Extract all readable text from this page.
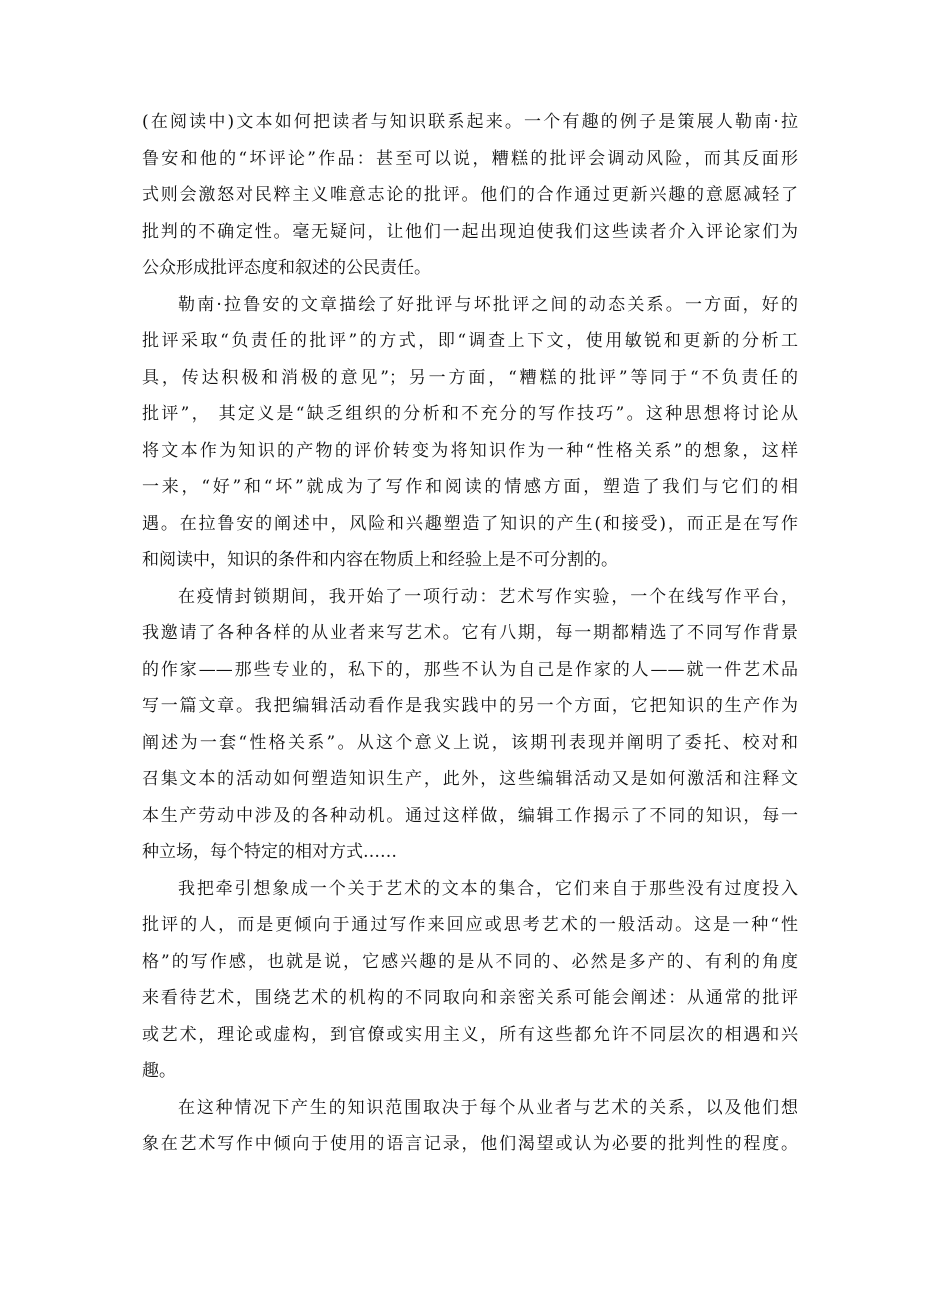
(在阅读中)文本如何把读者与知识联系起来。一个有趣的例子是策展人勒南·拉
鲁安和他的“坏评论”作品：甚至可以说，糟糕的批评会调动风险，而其反面形
式则会激怒对民粹主义唯意志论的批评。他们的合作通过更新兴趣的意愿减轻了
批判的不确定性。毫无疑问，让他们一起出现迫使我们这些读者介入评论家们为
公众形成批评态度和叙述的公民责任。
勒南·拉鲁安的文章描绘了好批评与坏批评之间的动态关系。一方面，好的
批评采取“负责任的批评”的方式，即“调查上下文，使用敏锐和更新的分析工
具，传达积极和消极的意见”；另一方面，“糟糕的批评”等同于“不负责任的
批评”， 其定义是“缺乏组织的分析和不充分的写作技巧”。这种思想将讨论从
将文本作为知识的产物的评价转变为将知识作为一种“性格关系”的想象，这样
一来，“好”和“坏”就成为了写作和阅读的情感方面，塑造了我们与它们的相
遇。在拉鲁安的阐述中，风险和兴趣塑造了知识的产生(和接受)，而正是在写作
和阅读中，知识的条件和内容在物质上和经验上是不可分割的。
在疫情封锁期间，我开始了一项行动：艺术写作实验，一个在线写作平台，
我邀请了各种各样的从业者来写艺术。它有八期，每一期都精选了不同写作背景
的作家——那些专业的，私下的，那些不认为自己是作家的人——就一件艺术品
写一篇文章。我把编辑活动看作是我实践中的另一个方面，它把知识的生产作为
阐述为一套“性格关系”。从这个意义上说，该期刊表现并阐明了委托、校对和
召集文本的活动如何塑造知识生产，此外，这些编辑活动又是如何激活和注释文
本生产劳动中涉及的各种动机。通过这样做，编辑工作揭示了不同的知识，每一
种立场，每个特定的相对方式……
我把牵引想象成一个关于艺术的文本的集合，它们来自于那些没有过度投入
批评的人，而是更倾向于通过写作来回应或思考艺术的一般活动。这是一种“性
格”的写作感，也就是说，它感兴趣的是从不同的、必然是多产的、有利的角度
来看待艺术，围绕艺术的机构的不同取向和亲密关系可能会阐述：从通常的批评
或艺术，理论或虚构，到官僚或实用主义，所有这些都允许不同层次的相遇和兴
趣。
在这种情况下产生的知识范围取决于每个从业者与艺术的关系，以及他们想
象在艺术写作中倾向于使用的语言记录，他们渴望或认为必要的批判性的程度。
